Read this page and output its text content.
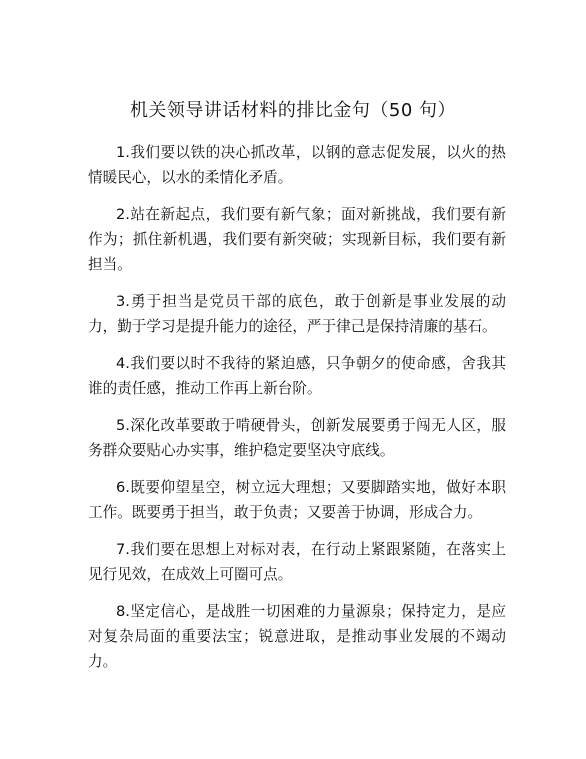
机关领导讲话材料的排比金句（50 句）

1.我们要以铁的决心抓改革，以钢的意志促发展，以火的热情暖民心，以水的柔情化矛盾。

2.站在新起点，我们要有新气象；面对新挑战，我们要有新作为；抓住新机遇，我们要有新突破；实现新目标，我们要有新担当。

3.勇于担当是党员干部的底色，敢于创新是事业发展的动力，勤于学习是提升能力的途径，严于律己是保持清廉的基石。

4.我们要以时不我待的紧迫感，只争朝夕的使命感，舍我其谁的责任感，推动工作再上新台阶。

5.深化改革要敢于啃硬骨头，创新发展要勇于闯无人区，服务群众要贴心办实事，维护稳定要坚决守底线。

6.既要仰望星空，树立远大理想；又要脚踏实地，做好本职工作。既要勇于担当，敢于负责；又要善于协调，形成合力。

7.我们要在思想上对标对表，在行动上紧跟紧随，在落实上见行见效，在成效上可圈可点。

8.坚定信心，是战胜一切困难的力量源泉；保持定力，是应对复杂局面的重要法宝；锐意进取，是推动事业发展的不竭动力。
